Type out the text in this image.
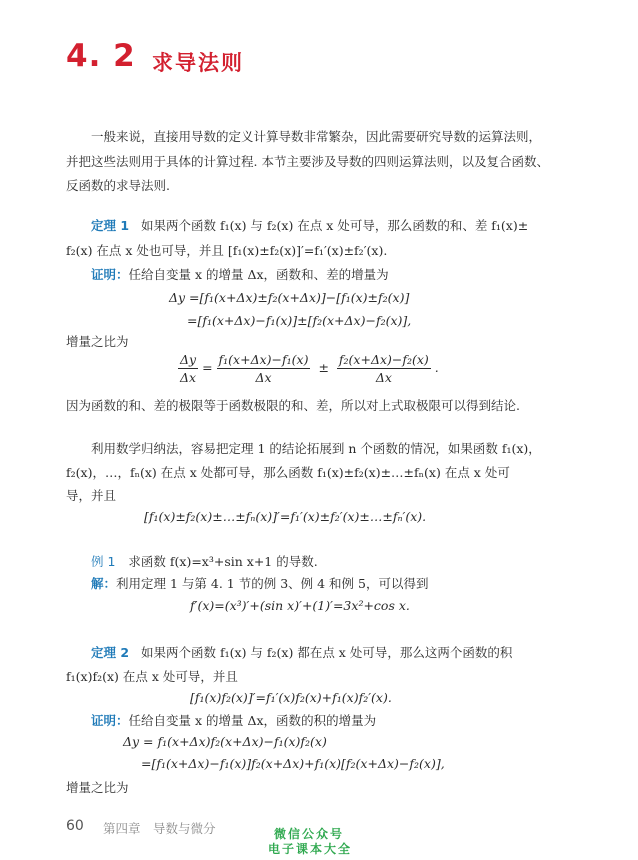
4. 2 求导法则

一般来说，直接用导数的定义计算导数非常繁杂，因此需要研究导数的运算法则，

并把这些法则用于具体的计算过程. 本节主要涉及导数的四则运算法则，以及复合函数、

反函数的求导法则.

定理 1 如果两个函数 f₁(x) 与 f₂(x) 在点 x 处可导，那么函数的和、差 f₁(x)±
f₂(x) 在点 x 处也可导，并且 [f₁(x)±f₂(x)]′=f₁′(x)±f₂′(x).
证明：任给自变量 x 的增量 Δx，函数和、差的增量为
Δy =[f₁(x+Δx)±f₂(x+Δx)]−[f₁(x)±f₂(x)]
=[f₁(x+Δx)−f₁(x)]±[f₂(x+Δx)−f₂(x)],
增量之比为
$\frac{\Delta y}{\Delta x} = \frac{\text{f₁(x+Δx)−f₁(x)}}{\Delta x} \pm \frac{\text{f₂(x+Δx)−f₂(x)}}{\Delta x}$ .
因为函数的和、差的极限等于函数极限的和、差，所以对上式取极限可以得到结论.
利用数学归纳法，容易把定理 1 的结论拓展到 n 个函数的情况，如果函数 f₁(x)，
f₂(x)，…，fₙ(x) 在点 x 处都可导，那么函数 f₁(x)±f₂(x)±…±fₙ(x) 在点 x 处可
导，并且
[f₁(x)±f₂(x)±…±fₙ(x)]′=f₁′(x)±f₂′(x)±…±fₙ′(x).
例 1 求函数 f(x)=x³+sin x+1 的导数.
解：利用定理 1 与第 4. 1 节的例 3、例 4 和例 5，可以得到
f′(x)=(x³)′+(sin x)′+(1)′=3x²+cos x.
定理 2 如果两个函数 f₁(x) 与 f₂(x) 都在点 x 处可导，那么这两个函数的积
f₁(x)f₂(x) 在点 x 处可导，并且
[f₁(x)f₂(x)]′=f₁′(x)f₂(x)+f₁(x)f₂′(x).
证明：任给自变量 x 的增量 Δx，函数的积的增量为
Δy = f₁(x+Δx)f₂(x+Δx)−f₁(x)f₂(x)
=[f₁(x+Δx)−f₁(x)]f₂(x+Δx)+f₁(x)[f₂(x+Δx)−f₂(x)],
增量之比为
60 第四章　导数与微分	微信公众号
电子课本大全
